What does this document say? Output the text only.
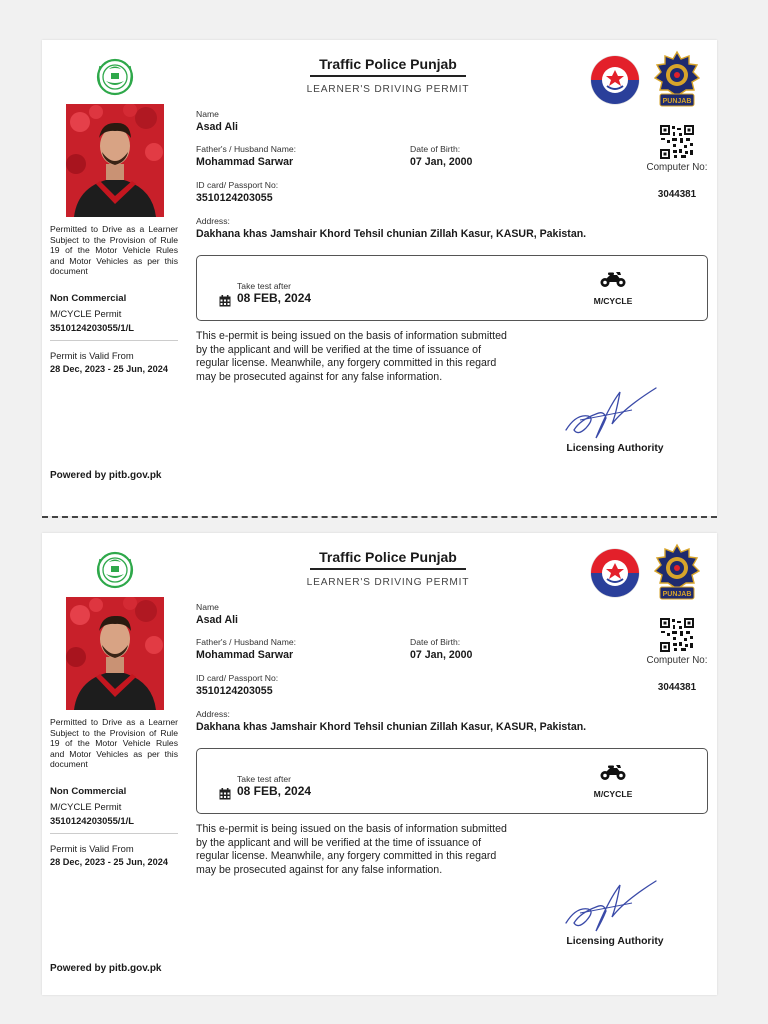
Permitted to Drive as a Learner Subject to the Provision of Rule 19 of the Motor Vehicle Rules and Motor Vehicles as per this document
Non Commercial
M/CYCLE Permit
3510124203055/1/L
Permit is Valid From
28 Dec, 2023 - 25 Jun, 2024
Powered by pitb.gov.pk
Traffic Police Punjab
LEARNER'S DRIVING PERMIT
PUNJAB
Computer No:
3044381
Name
Asad Ali
Father's / Husband Name:
Mohammad Sarwar
Date of Birth:
07 Jan, 2000
ID card/ Passport No:
3510124203055
Address:
Dakhana khas Jamshair Khord Tehsil chunian Zillah Kasur, KASUR, Pakistan.
Take test after
08 FEB, 2024	M/CYCLE
This e-permit is being issued on the basis of information submitted by the applicant and will be verified at the time of issuance of regular license. Meanwhile, any forgery committed in this regard may be prosecuted against for any false information.
Licensing Authority
Permitted to Drive as a Learner Subject to the Provision of Rule 19 of the Motor Vehicle Rules and Motor Vehicles as per this document
Non Commercial
M/CYCLE Permit
3510124203055/1/L
Permit is Valid From
28 Dec, 2023 - 25 Jun, 2024
Powered by pitb.gov.pk
Traffic Police Punjab
LEARNER'S DRIVING PERMIT
PUNJAB
Computer No:
3044381
Name
Asad Ali
Father's / Husband Name:
Mohammad Sarwar
Date of Birth:
07 Jan, 2000
ID card/ Passport No:
3510124203055
Address:
Dakhana khas Jamshair Khord Tehsil chunian Zillah Kasur, KASUR, Pakistan.
Take test after
08 FEB, 2024	M/CYCLE
This e-permit is being issued on the basis of information submitted by the applicant and will be verified at the time of issuance of regular license. Meanwhile, any forgery committed in this regard may be prosecuted against for any false information.
Licensing Authority
